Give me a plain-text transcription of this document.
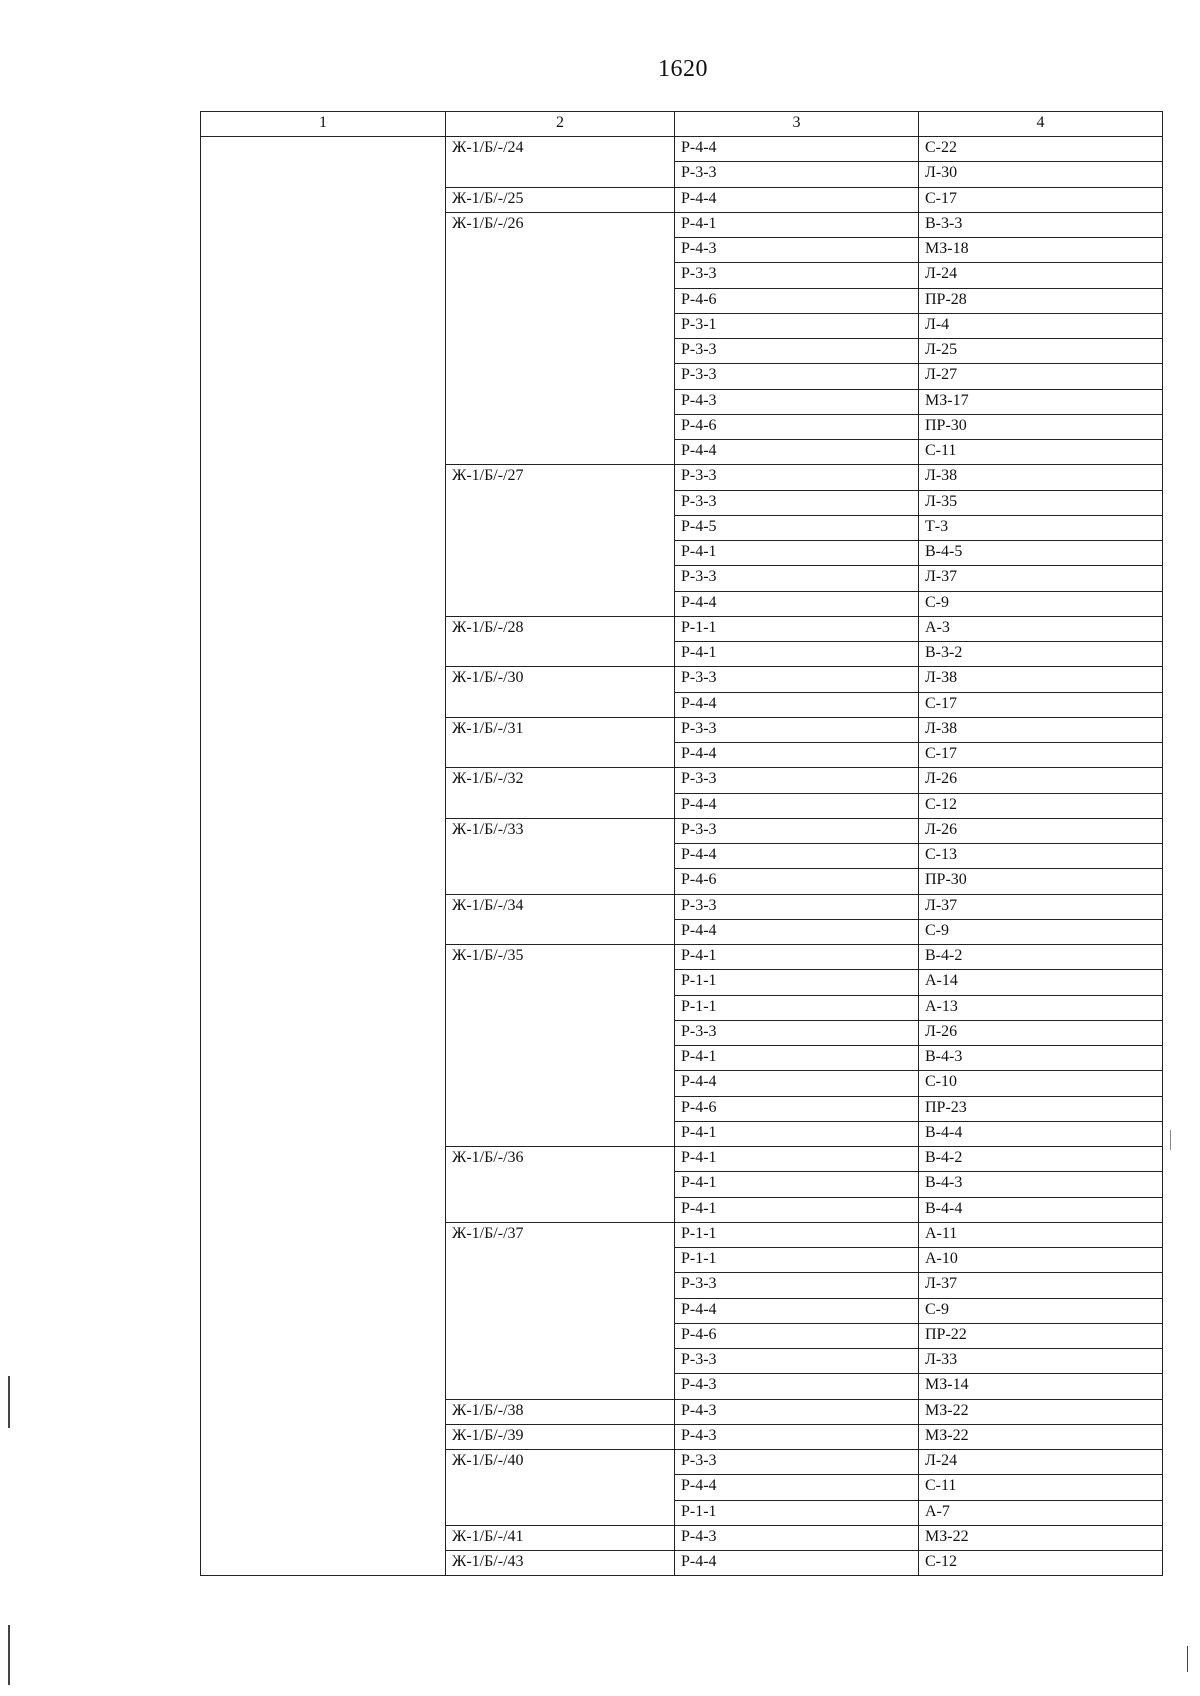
1620
1	2	3	4
	Ж-1/Б/-/24	Р-4-4	С-22
		Р-3-3	Л-30
	Ж-1/Б/-/25	Р-4-4	С-17
	Ж-1/Б/-/26	Р-4-1	В-3-3
		Р-4-3	МЗ-18
		Р-3-3	Л-24
		Р-4-6	ПР-28
		Р-3-1	Л-4
		Р-3-3	Л-25
		Р-3-3	Л-27
		Р-4-3	МЗ-17
		Р-4-6	ПР-30
		Р-4-4	С-11
	Ж-1/Б/-/27	Р-3-3	Л-38
		Р-3-3	Л-35
		Р-4-5	Т-3
		Р-4-1	В-4-5
		Р-3-3	Л-37
		Р-4-4	С-9
	Ж-1/Б/-/28	Р-1-1	А-3
		Р-4-1	В-3-2
	Ж-1/Б/-/30	Р-3-3	Л-38
		Р-4-4	С-17
	Ж-1/Б/-/31	Р-3-3	Л-38
		Р-4-4	С-17
	Ж-1/Б/-/32	Р-3-3	Л-26
		Р-4-4	С-12
	Ж-1/Б/-/33	Р-3-3	Л-26
		Р-4-4	С-13
		Р-4-6	ПР-30
	Ж-1/Б/-/34	Р-3-3	Л-37
		Р-4-4	С-9
	Ж-1/Б/-/35	Р-4-1	В-4-2
		Р-1-1	А-14
		Р-1-1	А-13
		Р-3-3	Л-26
		Р-4-1	В-4-3
		Р-4-4	С-10
		Р-4-6	ПР-23
		Р-4-1	В-4-4
	Ж-1/Б/-/36	Р-4-1	В-4-2
		Р-4-1	В-4-3
		Р-4-1	В-4-4
	Ж-1/Б/-/37	Р-1-1	А-11
		Р-1-1	А-10
		Р-3-3	Л-37
		Р-4-4	С-9
		Р-4-6	ПР-22
		Р-3-3	Л-33
		Р-4-3	МЗ-14
	Ж-1/Б/-/38	Р-4-3	МЗ-22
	Ж-1/Б/-/39	Р-4-3	МЗ-22
	Ж-1/Б/-/40	Р-3-3	Л-24
		Р-4-4	С-11
		Р-1-1	А-7
	Ж-1/Б/-/41	Р-4-3	МЗ-22
	Ж-1/Б/-/43	Р-4-4	С-12
